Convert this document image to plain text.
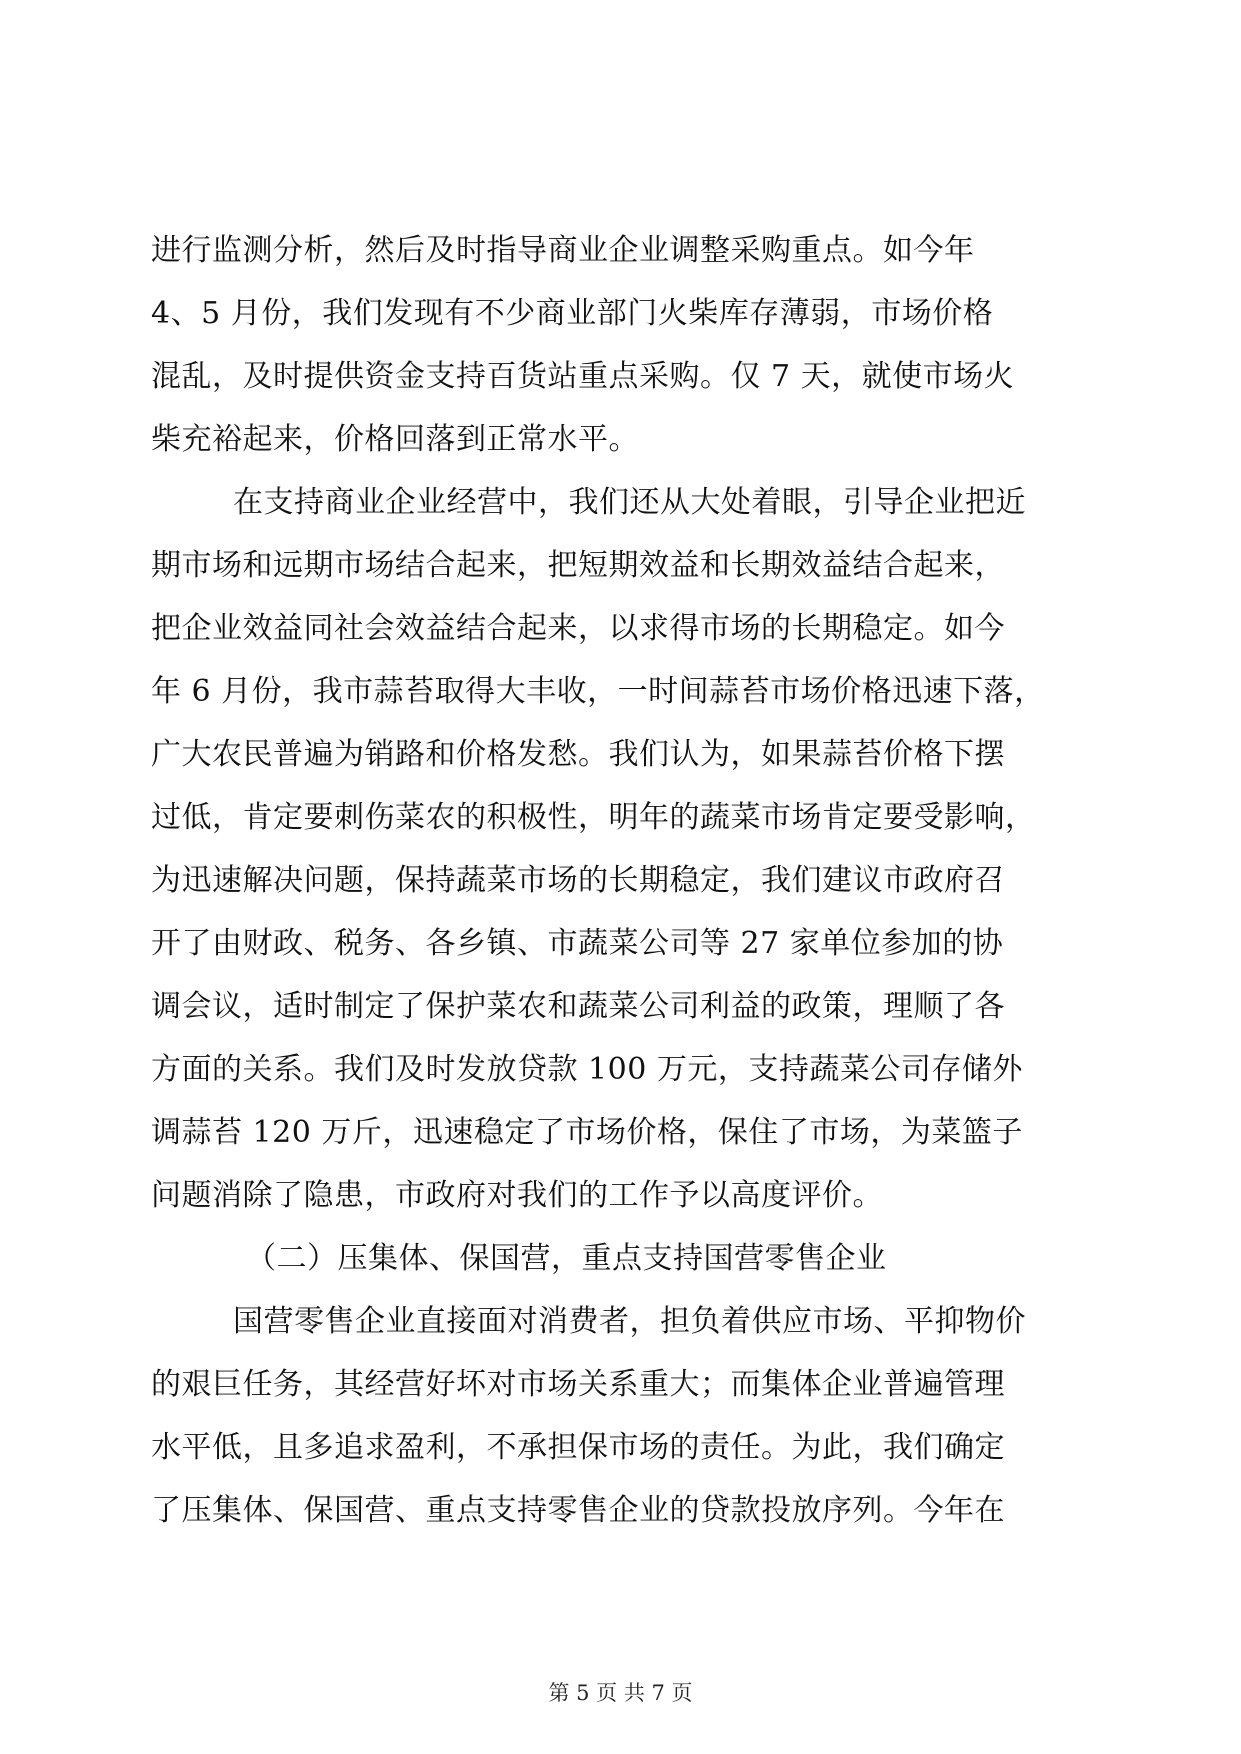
进行监测分析，然后及时指导商业企业调整采购重点。如今年
4、5 月份，我们发现有不少商业部门火柴库存薄弱，市场价格
混乱，及时提供资金支持百货站重点采购。仅 7 天，就使市场火
柴充裕起来，价格回落到正常水平。
在支持商业企业经营中，我们还从大处着眼，引导企业把近
期市场和远期市场结合起来，把短期效益和长期效益结合起来，
把企业效益同社会效益结合起来，以求得市场的长期稳定。如今
年 6 月份，我市蒜苔取得大丰收，一时间蒜苔市场价格迅速下落，
广大农民普遍为销路和价格发愁。我们认为，如果蒜苔价格下摆
过低，肯定要刺伤菜农的积极性，明年的蔬菜市场肯定要受影响，
为迅速解决问题，保持蔬菜市场的长期稳定，我们建议市政府召
开了由财政、税务、各乡镇、市蔬菜公司等 27 家单位参加的协
调会议，适时制定了保护菜农和蔬菜公司利益的政策，理顺了各
方面的关系。我们及时发放贷款 100 万元，支持蔬菜公司存储外
调蒜苔 120 万斤，迅速稳定了市场价格，保住了市场，为菜篮子
问题消除了隐患，市政府对我们的工作予以高度评价。
（二）压集体、保国营，重点支持国营零售企业
国营零售企业直接面对消费者，担负着供应市场、平抑物价
的艰巨任务，其经营好坏对市场关系重大；而集体企业普遍管理
水平低，且多追求盈利，不承担保市场的责任。为此，我们确定
了压集体、保国营、重点支持零售企业的贷款投放序列。今年在
第 5 页 共 7 页
